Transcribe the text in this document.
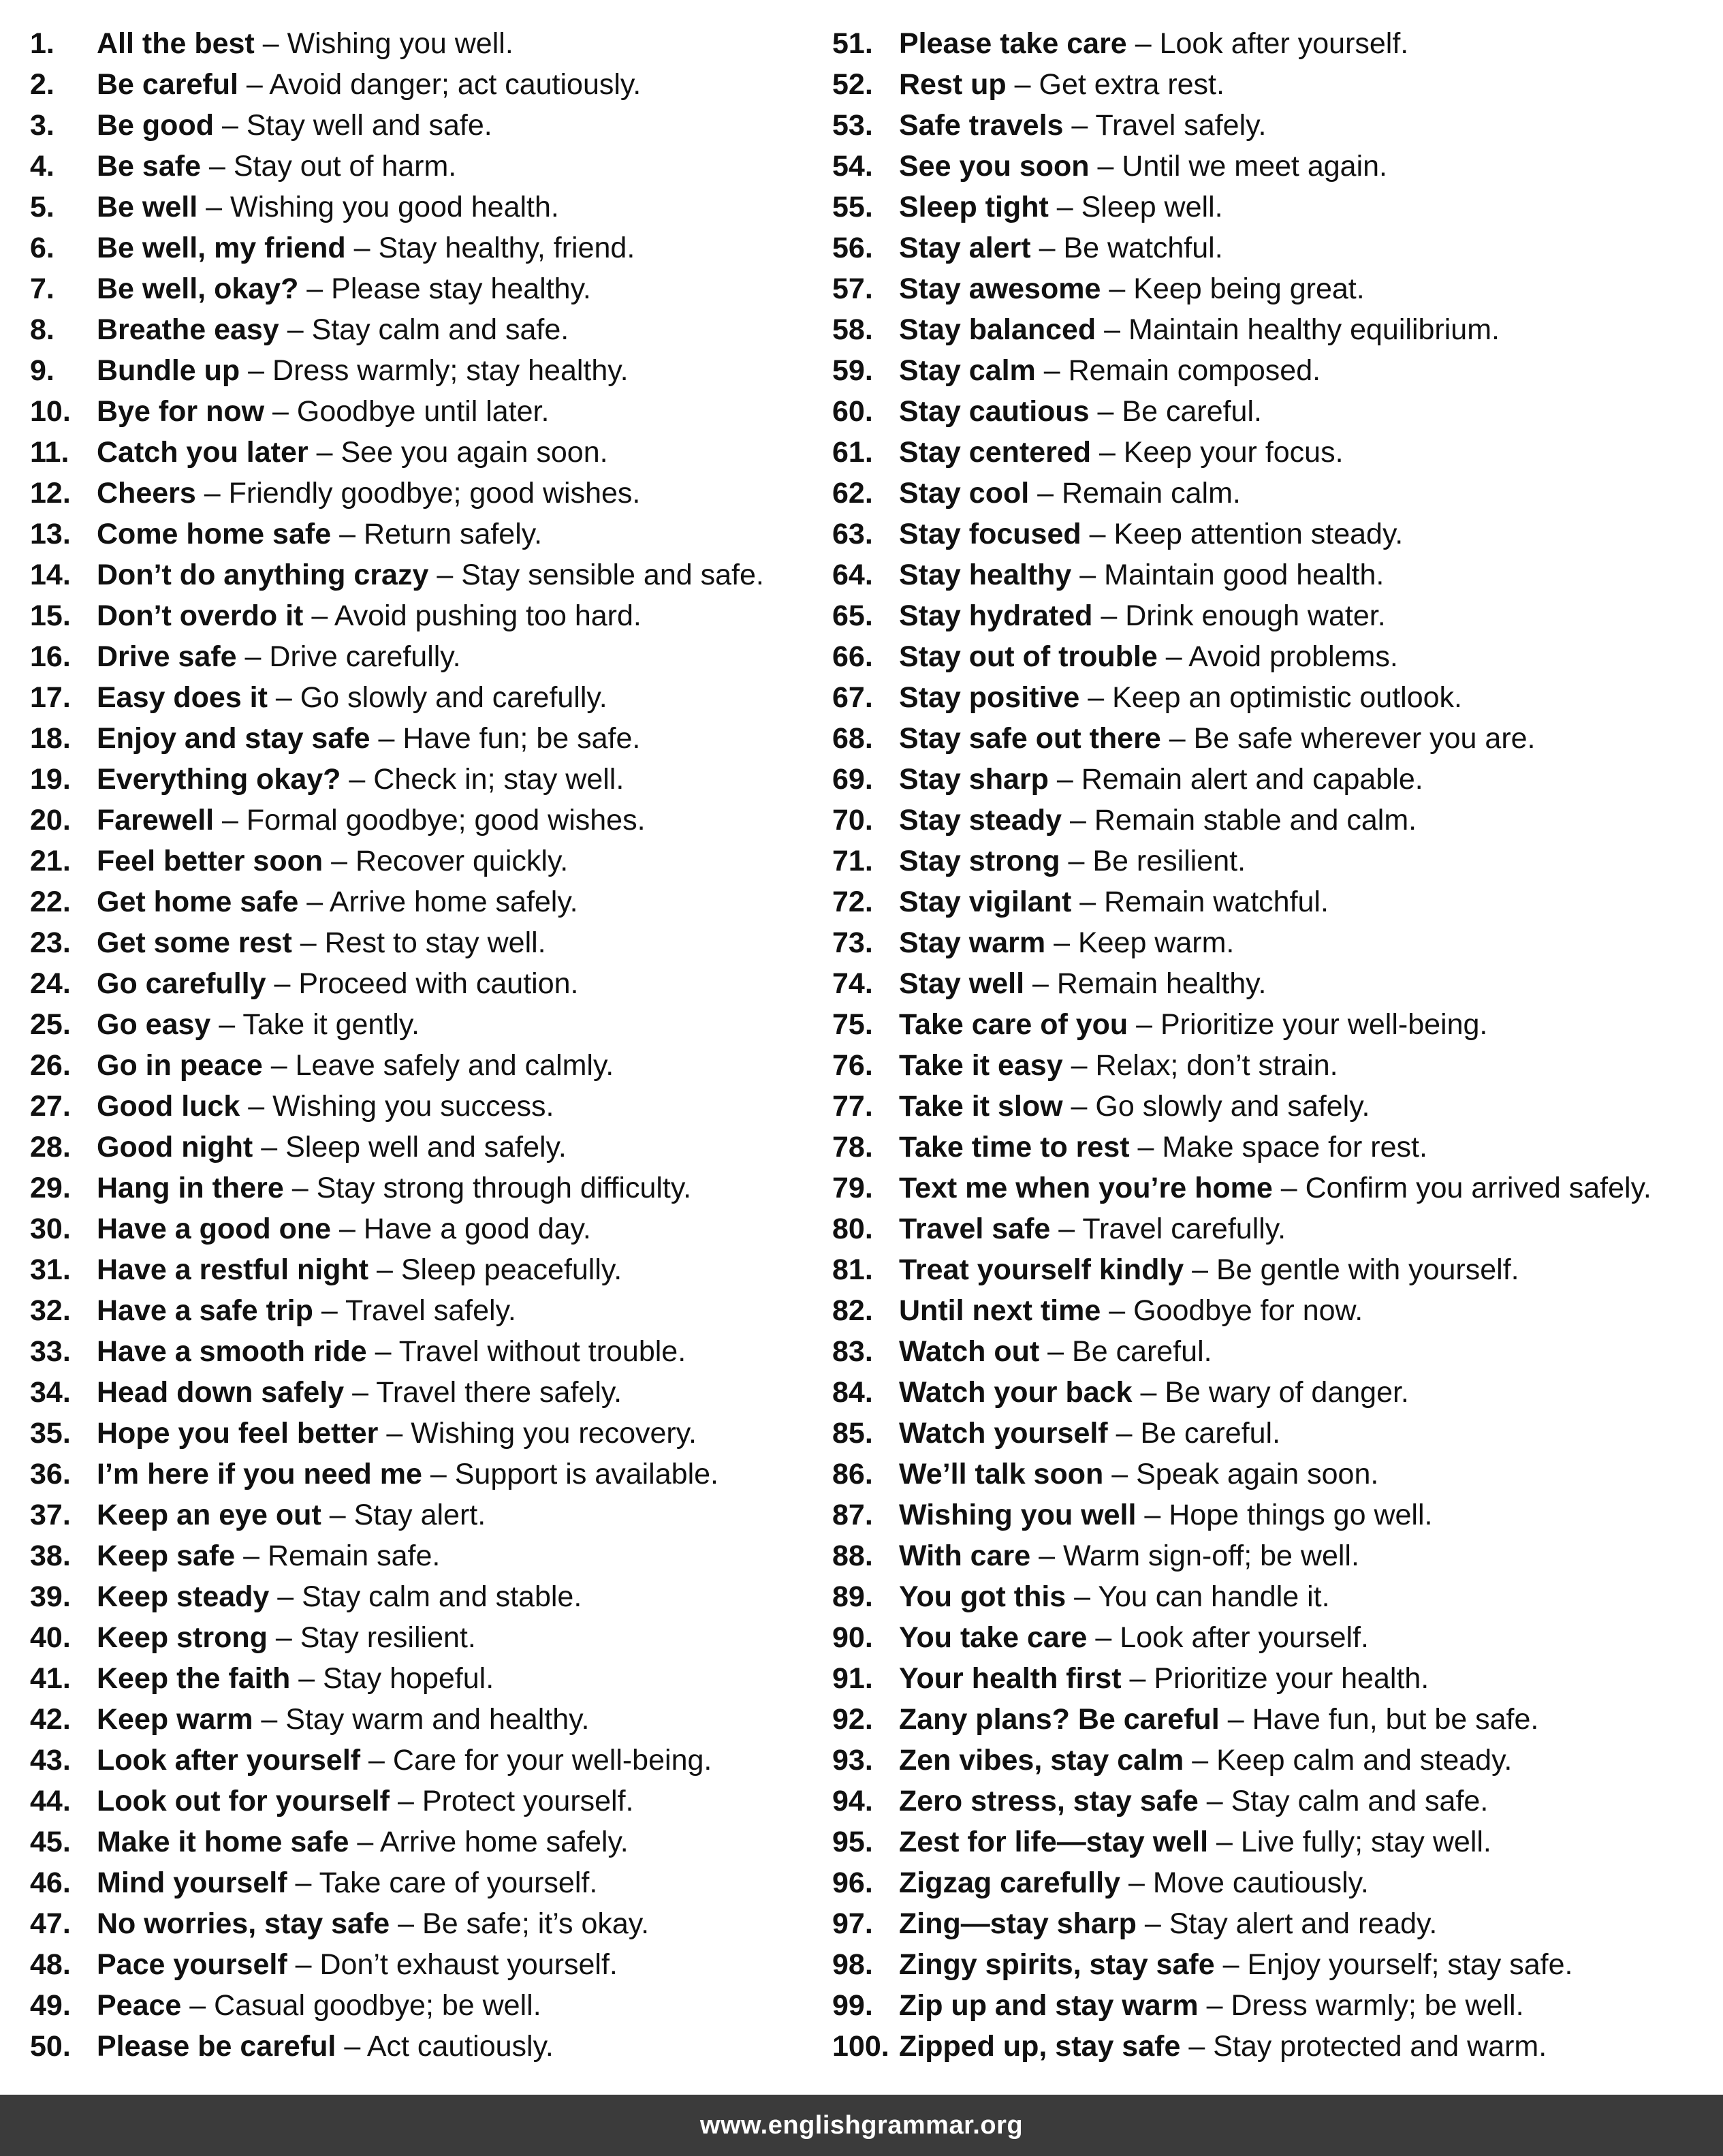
1. All the best – Wishing you well.
2. Be careful – Avoid danger; act cautiously.
3. Be good – Stay well and safe.
4. Be safe – Stay out of harm.
5. Be well – Wishing you good health.
6. Be well, my friend – Stay healthy, friend.
7. Be well, okay? – Please stay healthy.
8. Breathe easy – Stay calm and safe.
9. Bundle up – Dress warmly; stay healthy.
10. Bye for now – Goodbye until later.
11. Catch you later – See you again soon.
12. Cheers – Friendly goodbye; good wishes.
13. Come home safe – Return safely.
14. Don’t do anything crazy – Stay sensible and safe.
15. Don’t overdo it – Avoid pushing too hard.
16. Drive safe – Drive carefully.
17. Easy does it – Go slowly and carefully.
18. Enjoy and stay safe – Have fun; be safe.
19. Everything okay? – Check in; stay well.
20. Farewell – Formal goodbye; good wishes.
21. Feel better soon – Recover quickly.
22. Get home safe – Arrive home safely.
23. Get some rest – Rest to stay well.
24. Go carefully – Proceed with caution.
25. Go easy – Take it gently.
26. Go in peace – Leave safely and calmly.
27. Good luck – Wishing you success.
28. Good night – Sleep well and safely.
29. Hang in there – Stay strong through difficulty.
30. Have a good one – Have a good day.
31. Have a restful night – Sleep peacefully.
32. Have a safe trip – Travel safely.
33. Have a smooth ride – Travel without trouble.
34. Head down safely – Travel there safely.
35. Hope you feel better – Wishing you recovery.
36. I’m here if you need me – Support is available.
37. Keep an eye out – Stay alert.
38. Keep safe – Remain safe.
39. Keep steady – Stay calm and stable.
40. Keep strong – Stay resilient.
41. Keep the faith – Stay hopeful.
42. Keep warm – Stay warm and healthy.
43. Look after yourself – Care for your well-being.
44. Look out for yourself – Protect yourself.
45. Make it home safe – Arrive home safely.
46. Mind yourself – Take care of yourself.
47. No worries, stay safe – Be safe; it’s okay.
48. Pace yourself – Don’t exhaust yourself.
49. Peace – Casual goodbye; be well.
50. Please be careful – Act cautiously.
51. Please take care – Look after yourself.
52. Rest up – Get extra rest.
53. Safe travels – Travel safely.
54. See you soon – Until we meet again.
55. Sleep tight – Sleep well.
56. Stay alert – Be watchful.
57. Stay awesome – Keep being great.
58. Stay balanced – Maintain healthy equilibrium.
59. Stay calm – Remain composed.
60. Stay cautious – Be careful.
61. Stay centered – Keep your focus.
62. Stay cool – Remain calm.
63. Stay focused – Keep attention steady.
64. Stay healthy – Maintain good health.
65. Stay hydrated – Drink enough water.
66. Stay out of trouble – Avoid problems.
67. Stay positive – Keep an optimistic outlook.
68. Stay safe out there – Be safe wherever you are.
69. Stay sharp – Remain alert and capable.
70. Stay steady – Remain stable and calm.
71. Stay strong – Be resilient.
72. Stay vigilant – Remain watchful.
73. Stay warm – Keep warm.
74. Stay well – Remain healthy.
75. Take care of you – Prioritize your well-being.
76. Take it easy – Relax; don’t strain.
77. Take it slow – Go slowly and safely.
78. Take time to rest – Make space for rest.
79. Text me when you’re home – Confirm you arrived safely.
80. Travel safe – Travel carefully.
81. Treat yourself kindly – Be gentle with yourself.
82. Until next time – Goodbye for now.
83. Watch out – Be careful.
84. Watch your back – Be wary of danger.
85. Watch yourself – Be careful.
86. We’ll talk soon – Speak again soon.
87. Wishing you well – Hope things go well.
88. With care – Warm sign-off; be well.
89. You got this – You can handle it.
90. You take care – Look after yourself.
91. Your health first – Prioritize your health.
92. Zany plans? Be careful – Have fun, but be safe.
93. Zen vibes, stay calm – Keep calm and steady.
94. Zero stress, stay safe – Stay calm and safe.
95. Zest for life—stay well – Live fully; stay well.
96. Zigzag carefully – Move cautiously.
97. Zing—stay sharp – Stay alert and ready.
98. Zingy spirits, stay safe – Enjoy yourself; stay safe.
99. Zip up and stay warm – Dress warmly; be well.
100. Zipped up, stay safe – Stay protected and warm.
www.englishgrammar.org
